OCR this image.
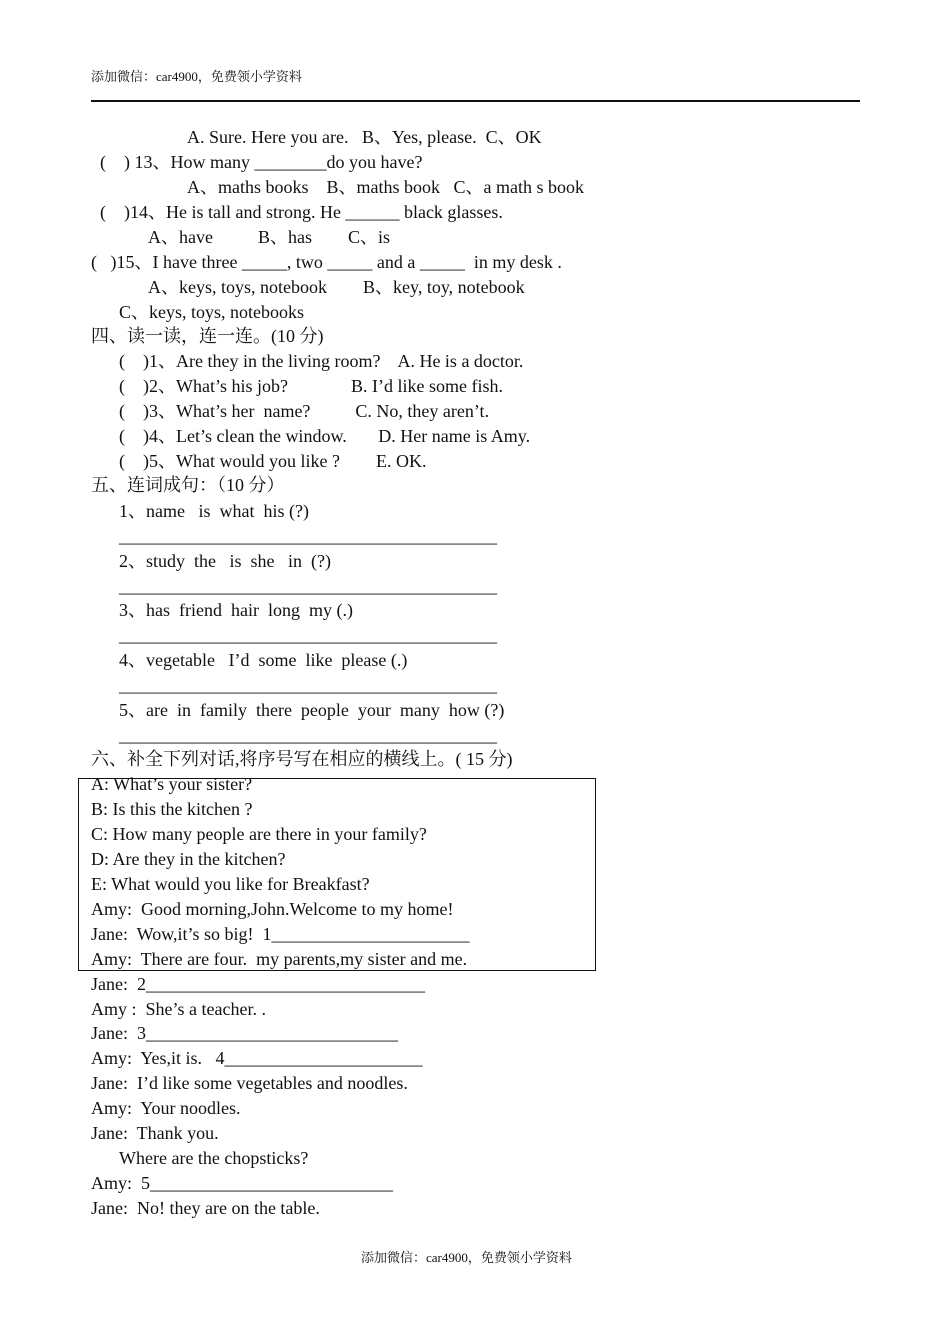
添加微信：car4900，免费领小学资料
A. Sure. Here you are.   B、Yes, please.  C、OK
(    ) 13、How many ________do you have?
A、maths books    B、maths book   C、a math s book
(    )14、He is tall and strong. He ______ black glasses.
A、have          B、has        C、is
(   )15、I have three _____, two _____ and a _____  in my desk .
A、keys, toys, notebook        B、key, toy, notebook
C、keys, toys, notebooks
四、读一读，连一连。(10 分)
(    )1、Are they in the living room?    A. He is a doctor.
(    )2、What’s his job?              B. I’d like some fish.
(    )3、What’s her  name?          C. No, they aren’t.
(    )4、Let’s clean the window.       D. Her name is Amy.
(    )5、What would you like ?        E. OK.
五、连词成句：（10 分）
1、name   is  what  his (?)
__________________________________________
2、study  the   is  she   in  (?)
__________________________________________
3、has  friend  hair  long  my (.)
__________________________________________
4、vegetable   I’d  some  like  please (.)
__________________________________________
5、are  in  family  there  people  your  many  how (?)
__________________________________________
六、补全下列对话,将序号写在相应的横线上。( 15 分)
A: What’s your sister?
B: Is this the kitchen ?
C: How many people are there in your family?
D: Are they in the kitchen?
E: What would you like for Breakfast?
Amy:  Good morning,John.Welcome to my home!
Jane:  Wow,it’s so big!  1______________________
Amy:  There are four.  my parents,my sister and me.
Jane:  2_______________________________
Amy :  She’s a teacher. .
Jane:  3____________________________
Amy:  Yes,it is.   4______________________
Jane:  I’d like some vegetables and noodles.
Amy:  Your noodles.
Jane:  Thank you.
Where are the chopsticks?
Amy:  5___________________________
Jane:  No! they are on the table.
添加微信：car4900，免费领小学资料
